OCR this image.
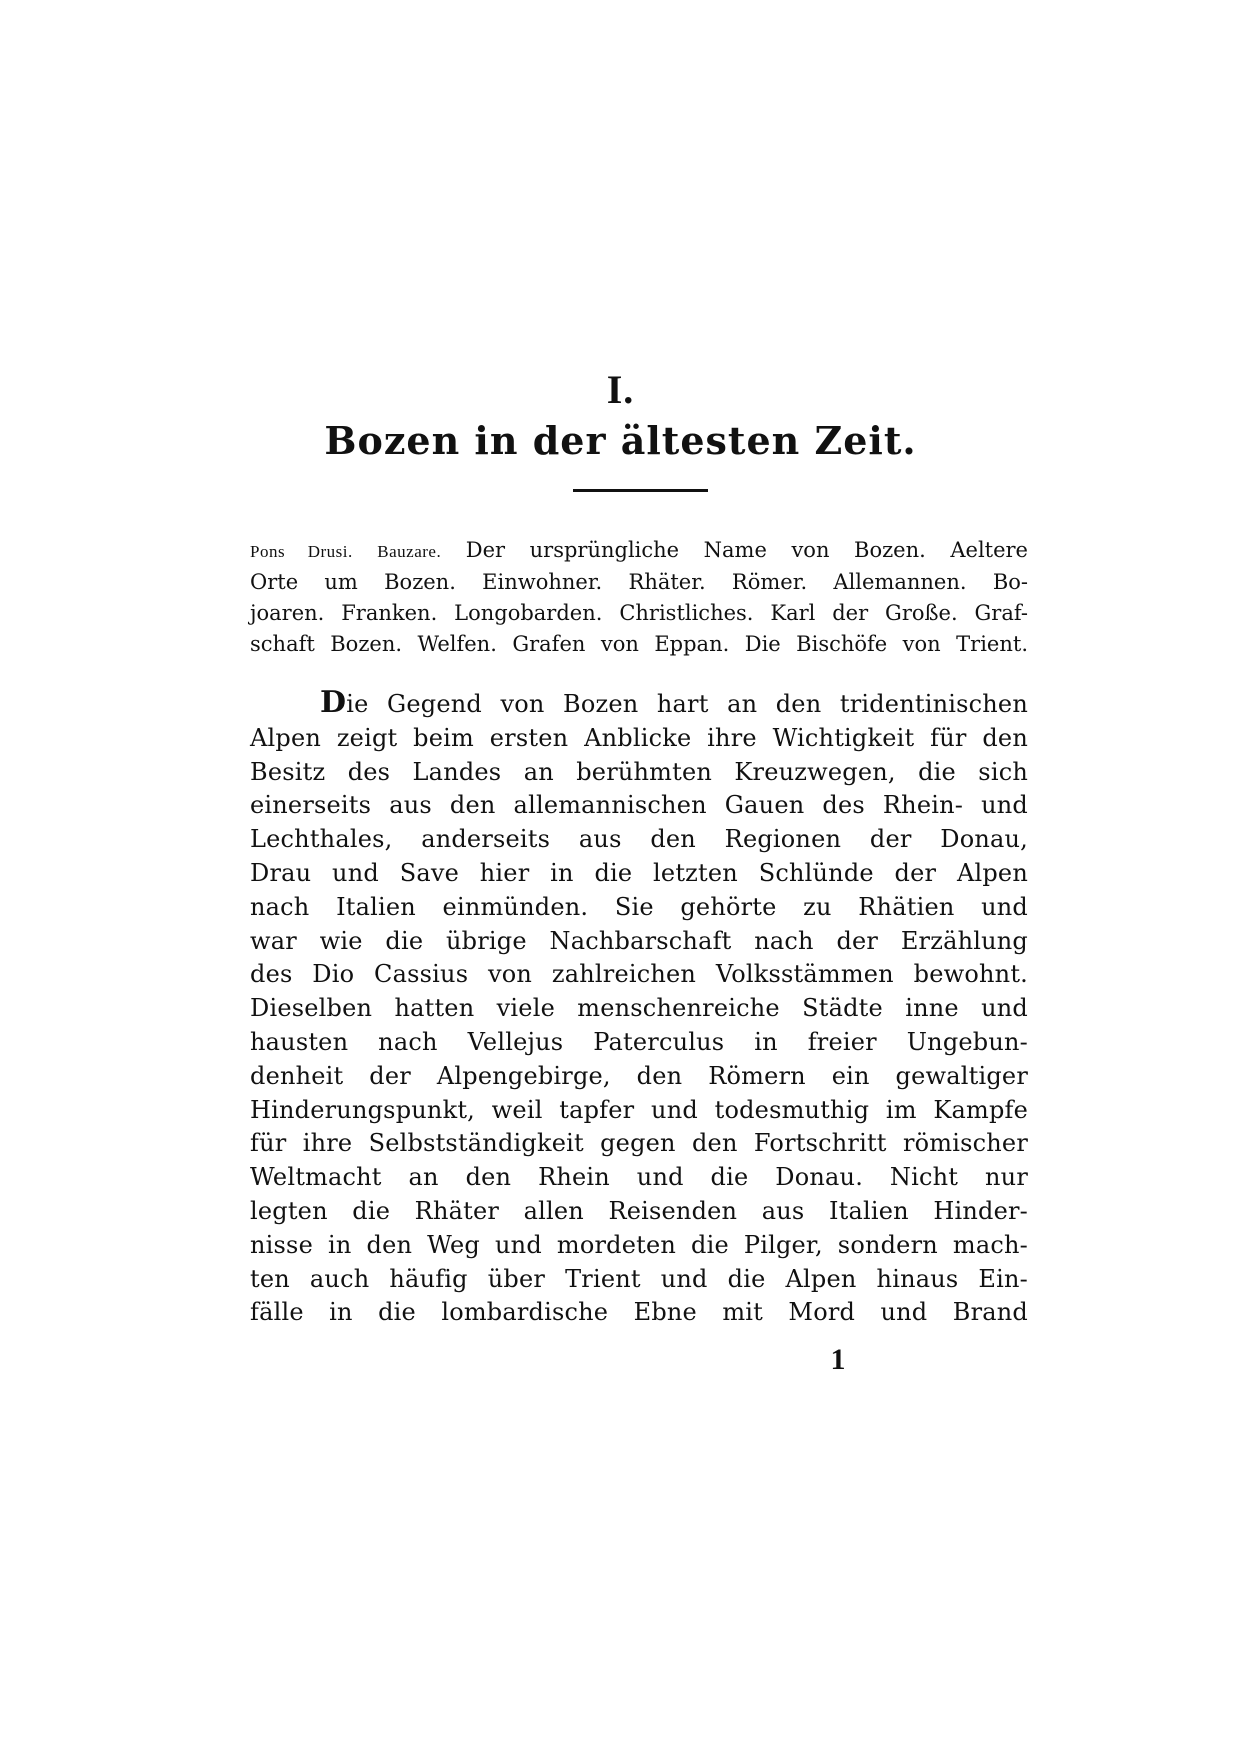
I.
Bozen in der ältesten Zeit.
Pons Drusi. Bauzare. Der ursprüngliche Name von Bozen. Aeltere
Orte um Bozen. Einwohner. Rhäter. Römer. Allemannen. Bo-
joaren. Franken. Longobarden. Christliches. Karl der Große. Graf-
schaft Bozen. Welfen. Grafen von Eppan. Die Bischöfe von Trient.
Die Gegend von Bozen hart an den tridentinischen
Alpen zeigt beim ersten Anblicke ihre Wichtigkeit für den
Besitz des Landes an berühmten Kreuzwegen, die sich
einerseits aus den allemannischen Gauen des Rhein- und
Lechthales, anderseits aus den Regionen der Donau,
Drau und Save hier in die letzten Schlünde der Alpen
nach Italien einmünden. Sie gehörte zu Rhätien und
war wie die übrige Nachbarschaft nach der Erzählung
des Dio Cassius von zahlreichen Volksstämmen bewohnt.
Dieselben hatten viele menschenreiche Städte inne und
hausten nach Vellejus Paterculus in freier Ungebun-
denheit der Alpengebirge, den Römern ein gewaltiger
Hinderungspunkt, weil tapfer und todesmuthig im Kampfe
für ihre Selbstständigkeit gegen den Fortschritt römischer
Weltmacht an den Rhein und die Donau. Nicht nur
legten die Rhäter allen Reisenden aus Italien Hinder-
nisse in den Weg und mordeten die Pilger, sondern mach-
ten auch häufig über Trient und die Alpen hinaus Ein-
fälle in die lombardische Ebne mit Mord und Brand
1
